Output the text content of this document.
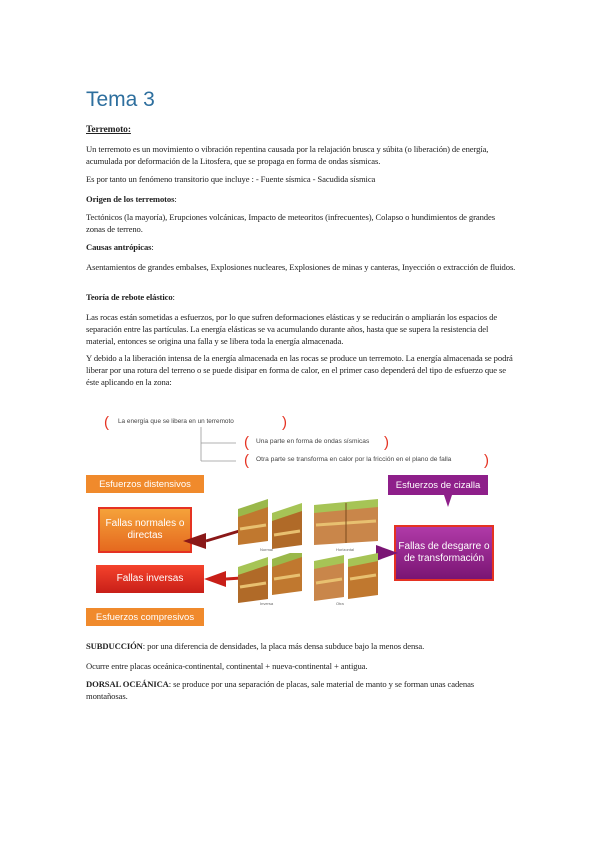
Tema 3
Terremoto:
Un terremoto es un movimiento o vibración repentina causada por la relajación brusca y súbita (o liberación) de energía, acumulada por deformación de la Litosfera, que se propaga en forma de ondas sísmicas.
Es por tanto un fenómeno transitorio que incluye : - Fuente sísmica - Sacudida sísmica
Origen de los terremotos:
Tectónicos (la mayoría), Erupciones volcánicas, Impacto de meteoritos (infrecuentes), Colapso o hundimientos de grandes zonas de terreno.
Causas antrópicas:
Asentamientos de grandes embalses, Explosiones nucleares, Explosiones de minas y canteras, Inyección o extracción de fluidos.
Teoría de rebote elástico:
Las rocas están sometidas a esfuerzos, por lo que sufren deformaciones elásticas y se reducirán o ampliarán los espacios de separación entre las partículas. La energía elásticas se va acumulando durante años, hasta que se supera la resistencia del material, entonces se origina una falla y se libera toda la energía almacenada.
Y debido a la liberación intensa de la energía almacenada en las rocas se produce un terremoto. La energía almacenada se podrá liberar por una rotura del terreno o se puede disipar en forma de calor, en el primer caso dependerá del tipo de esfuerzo que se éste aplicando en la zona:
( La energía que se libera en un terremoto	)
( Una parte en forma de ondas sísmicas )
( Otra parte se transforma en calor por la fricción en el plano de falla )
Esfuerzos distensivos
Fallas normales o directas
Fallas inversas
Esfuerzos compresivos
Esfuerzos de cizalla
Fallas de desgarre o de transformación
Normal	Horizontal
Inversa	Otra
SUBDUCCIÓN: por una diferencia de densidades, la placa más densa subduce bajo la menos densa.
Ocurre entre placas oceánica-continental, continental + nueva-continental + antigua.
DORSAL OCEÁNICA: se produce por una separación de placas, sale material de manto y se forman unas cadenas montañosas.
